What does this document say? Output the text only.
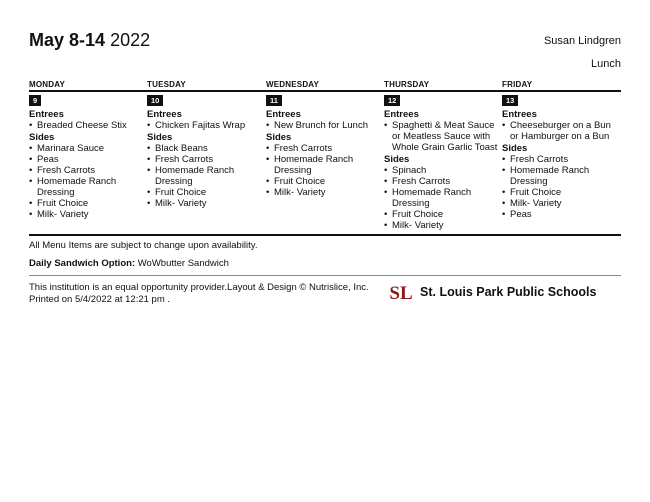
May 8-14 2022	Susan Lindgren
Lunch
MONDAY
9
Entrees
• Breaded Cheese Stix
Sides
• Marinara Sauce
• Peas
• Fresh Carrots
• Homemade Ranch Dressing
• Fruit Choice
• Milk- Variety
TUESDAY
10
Entrees
• Chicken Fajitas Wrap
Sides
• Black Beans
• Fresh Carrots
• Homemade Ranch Dressing
• Fruit Choice
• Milk- Variety
WEDNESDAY
11
Entrees
• New Brunch for Lunch
Sides
• Fresh Carrots
• Homemade Ranch Dressing
• Fruit Choice
• Milk- Variety
THURSDAY
12
Entrees
• Spaghetti & Meat Sauce or Meatless Sauce with Whole Grain Garlic Toast
Sides
• Spinach
• Fresh Carrots
• Homemade Ranch Dressing
• Fruit Choice
• Milk- Variety
FRIDAY
13
Entrees
• Cheeseburger on a Bun or Hamburger on a Bun
Sides
• Fresh Carrots
• Homemade Ranch Dressing
• Fruit Choice
• Milk- Variety
• Peas
All Menu Items are subject to change upon availability.
Daily Sandwich Option: WoWbutter Sandwich
This institution is an equal opportunity provider.Layout & Design © Nutrislice, Inc.
Printed on 5/4/2022 at 12:21 pm .	SL St. Louis Park Public Schools
